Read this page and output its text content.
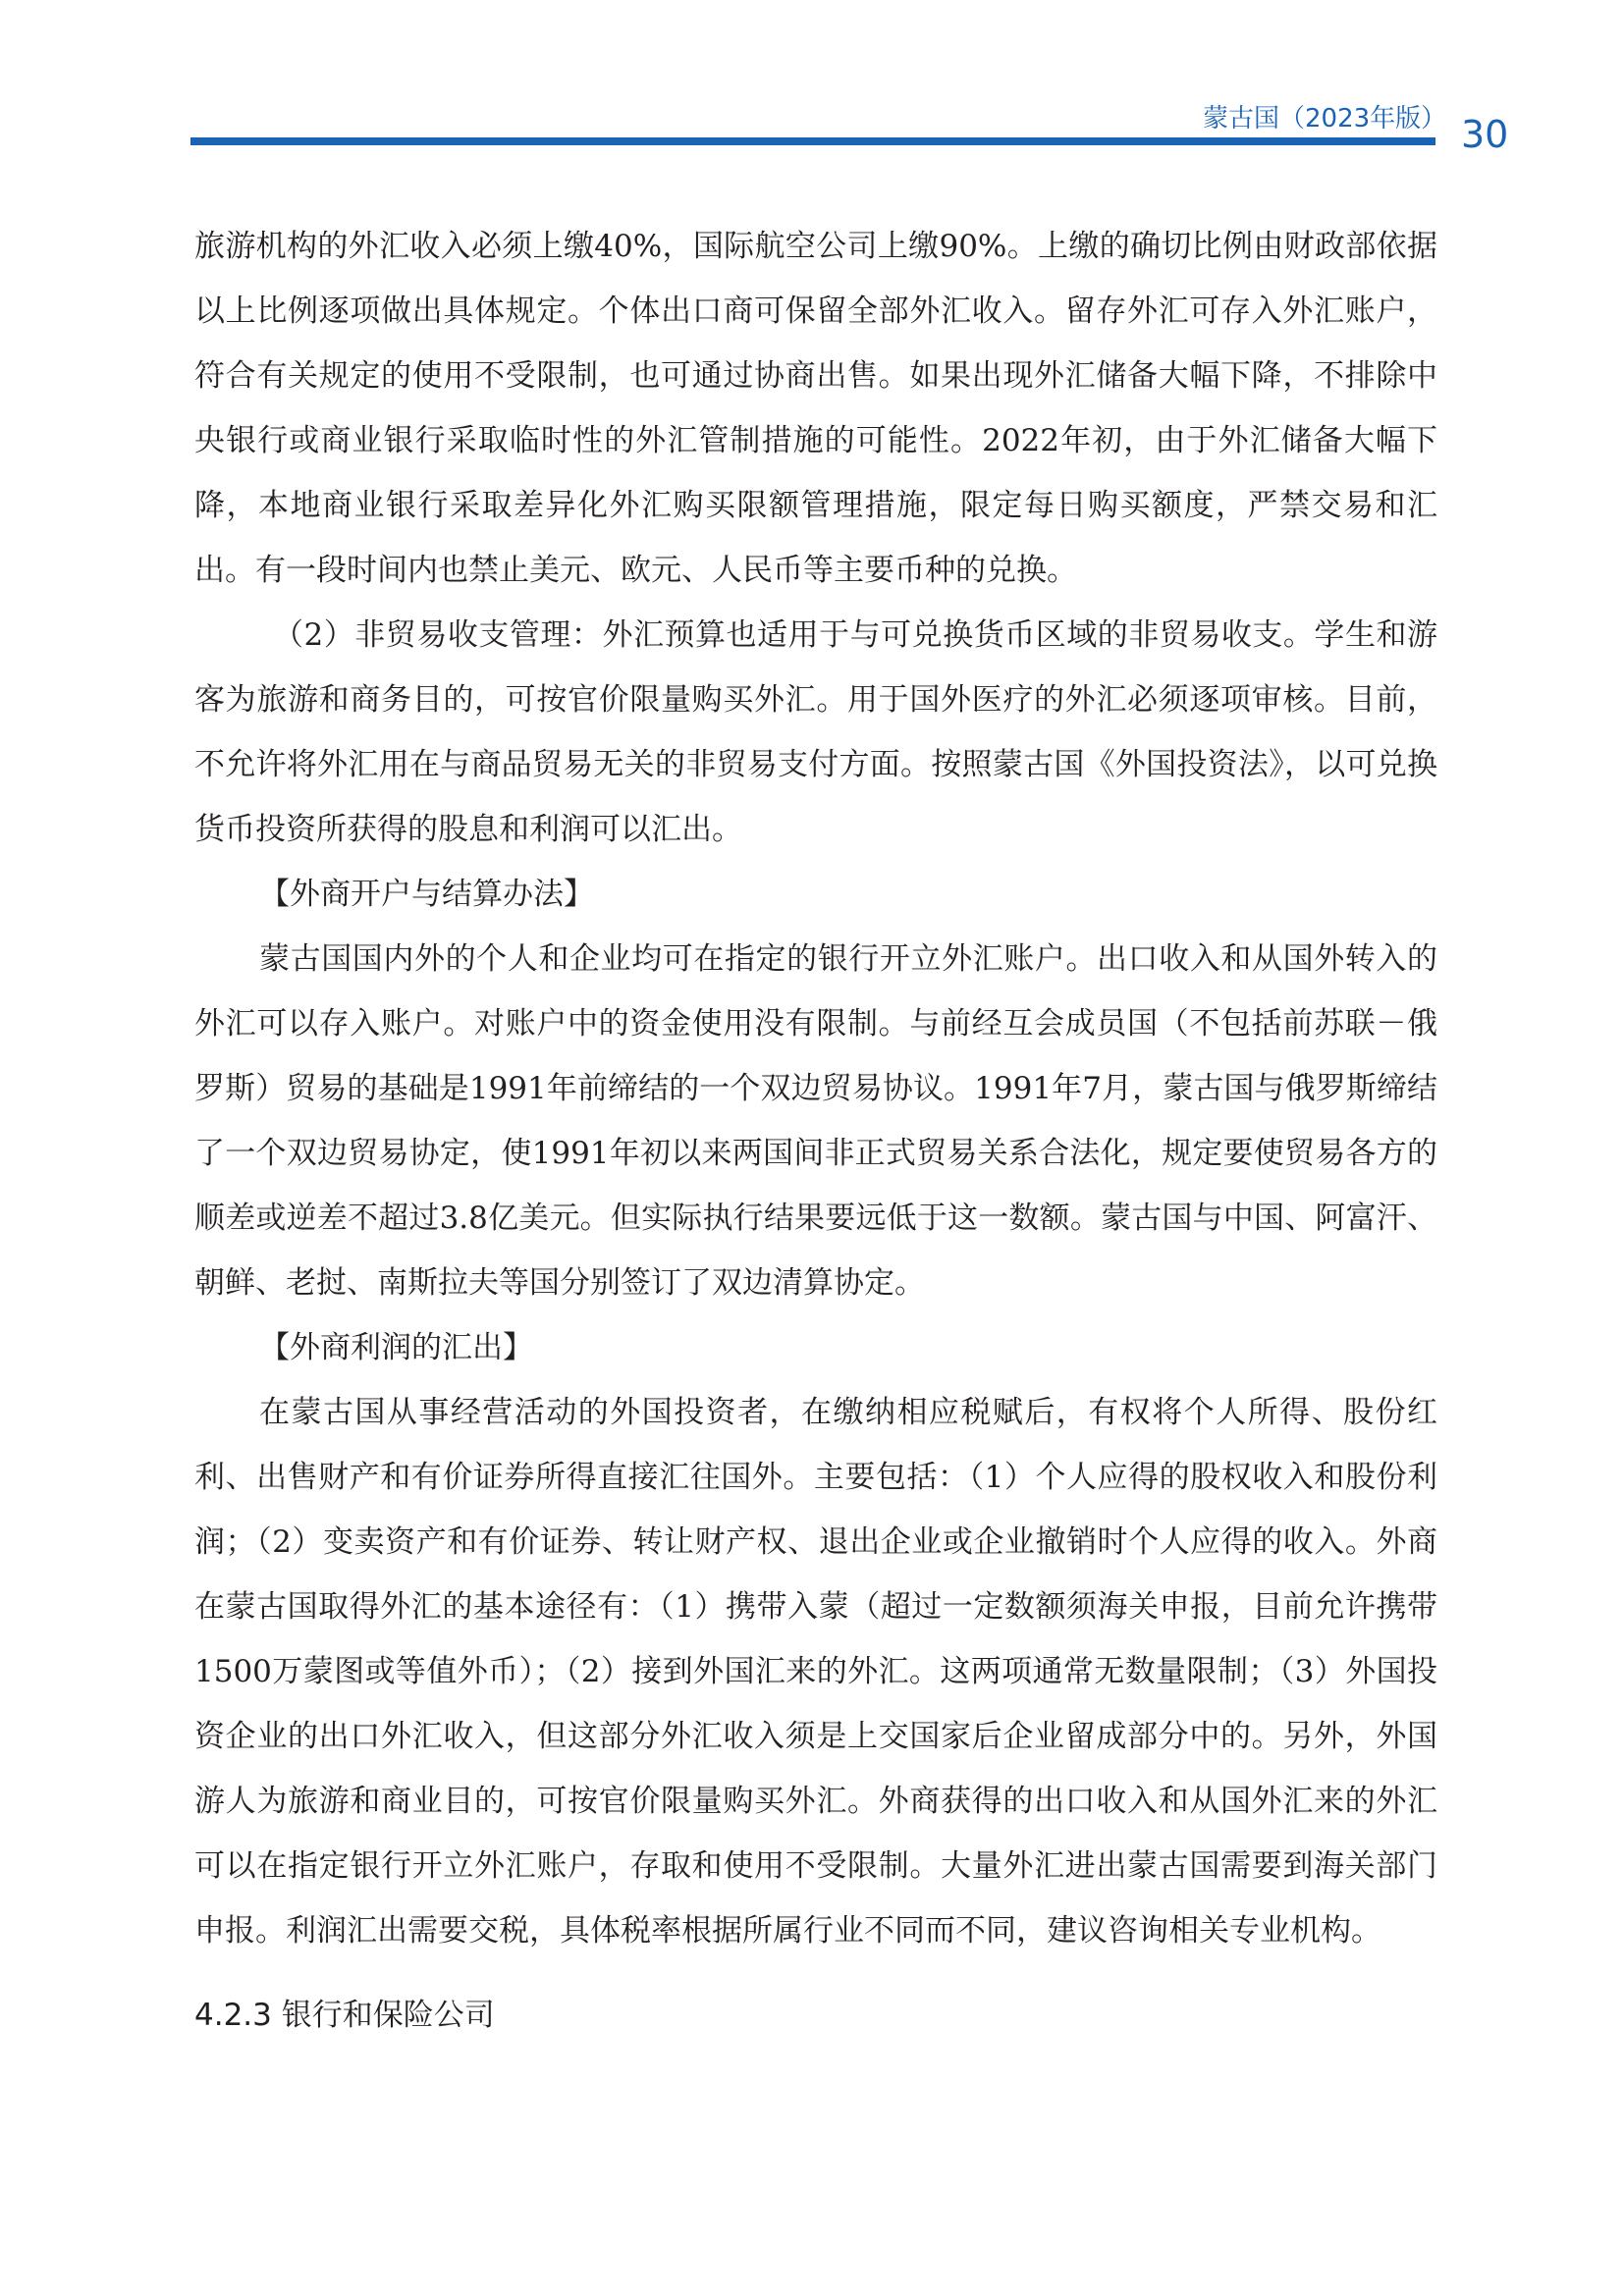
蒙古国（2023年版） 30

旅游机构的外汇收入必须上缴40%，国际航空公司上缴90%。上缴的确切比例由财政部依据以上比例逐项做出具体规定。个体出口商可保留全部外汇收入。留存外汇可存入外汇账户，符合有关规定的使用不受限制，也可通过协商出售。如果出现外汇储备大幅下降，不排除中央银行或商业银行采取临时性的外汇管制措施的可能性。2022年初，由于外汇储备大幅下降，本地商业银行采取差异化外汇购买限额管理措施，限定每日购买额度，严禁交易和汇出。有一段时间内也禁止美元、欧元、人民币等主要币种的兑换。

（2）非贸易收支管理：外汇预算也适用于与可兑换货币区域的非贸易收支。学生和游客为旅游和商务目的，可按官价限量购买外汇。用于国外医疗的外汇必须逐项审核。目前，不允许将外汇用在与商品贸易无关的非贸易支付方面。按照蒙古国《外国投资法》，以可兑换货币投资所获得的股息和利润可以汇出。

【外商开户与结算办法】

蒙古国国内外的个人和企业均可在指定的银行开立外汇账户。出口收入和从国外转入的外汇可以存入账户。对账户中的资金使用没有限制。与前经互会成员国（不包括前苏联－俄罗斯）贸易的基础是1991年前缔结的一个双边贸易协议。1991年7月，蒙古国与俄罗斯缔结了一个双边贸易协定，使1991年初以来两国间非正式贸易关系合法化，规定要使贸易各方的顺差或逆差不超过3.8亿美元。但实际执行结果要远低于这一数额。蒙古国与中国、阿富汗、朝鲜、老挝、南斯拉夫等国分别签订了双边清算协定。

【外商利润的汇出】

在蒙古国从事经营活动的外国投资者，在缴纳相应税赋后，有权将个人所得、股份红利、出售财产和有价证券所得直接汇往国外。主要包括：（1）个人应得的股权收入和股份利润；（2）变卖资产和有价证券、转让财产权、退出企业或企业撤销时个人应得的收入。外商在蒙古国取得外汇的基本途径有：（1）携带入蒙（超过一定数额须海关申报，目前允许携带1500万蒙图或等值外币）；（2）接到外国汇来的外汇。这两项通常无数量限制；（3）外国投资企业的出口外汇收入，但这部分外汇收入须是上交国家后企业留成部分中的。另外，外国游人为旅游和商业目的，可按官价限量购买外汇。外商获得的出口收入和从国外汇来的外汇可以在指定银行开立外汇账户，存取和使用不受限制。大量外汇进出蒙古国需要到海关部门申报。利润汇出需要交税，具体税率根据所属行业不同而不同，建议咨询相关专业机构。

4.2.3 银行和保险公司
